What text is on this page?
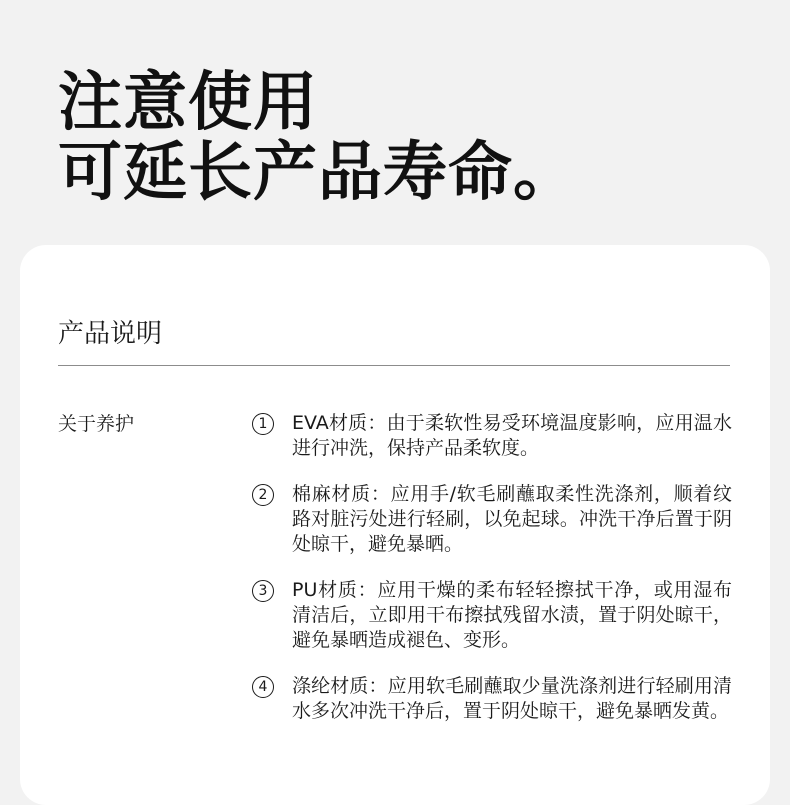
注意使用
可延长产品寿命。
产品说明
关于养护	1	EVA材质：由于柔软性易受环境温度影响，应用温水进行冲洗，保持产品柔软度。
2	棉麻材质：应用手/软毛刷蘸取柔性洗涤剂，顺着纹路对脏污处进行轻刷，以免起球。冲洗干净后置于阴处晾干，避免暴晒。
3	PU材质：应用干燥的柔布轻轻擦拭干净，或用湿布清洁后，立即用干布擦拭残留水渍，置于阴处晾干，避免暴晒造成褪色、变形。
4	涤纶材质：应用软毛刷蘸取少量洗涤剂进行轻刷用清水多次冲洗干净后，置于阴处晾干，避免暴晒发黄。
